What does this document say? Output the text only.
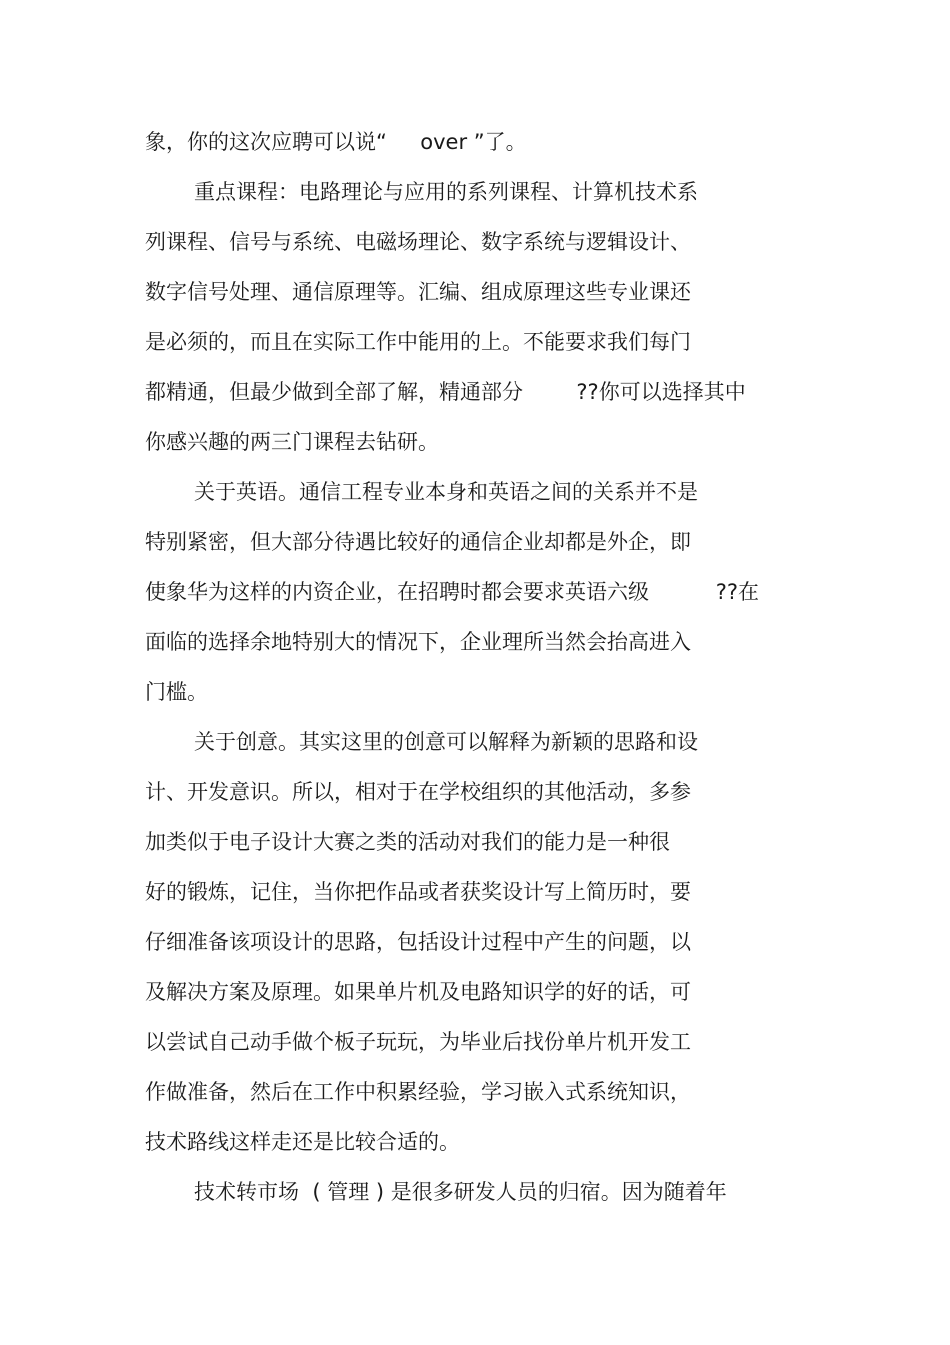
象，你的这次应聘可以说“     over ”了。

重点课程：电路理论与应用的系列课程、计算机技术系

列课程、信号与系统、电磁场理论、数字系统与逻辑设计、

数字信号处理、通信原理等。汇编、组成原理这些专业课还

是必须的，而且在实际工作中能用的上。不能要求我们每门

都精通，但最少做到全部了解，精通部分        ??你可以选择其中

你感兴趣的两三门课程去钻研。

关于英语。通信工程专业本身和英语之间的关系并不是

特别紧密，但大部分待遇比较好的通信企业却都是外企，即

使象华为这样的内资企业，在招聘时都会要求英语六级          ??在

面临的选择余地特别大的情况下，企业理所当然会抬高进入

门槛。

关于创意。其实这里的创意可以解释为新颖的思路和设

计、开发意识。所以，相对于在学校组织的其他活动，多参

加类似于电子设计大赛之类的活动对我们的能力是一种很

好的锻炼，记住，当你把作品或者获奖设计写上简历时，要

仔细准备该项设计的思路，包括设计过程中产生的问题，以

及解决方案及原理。如果单片机及电路知识学的好的话，可

以尝试自己动手做个板子玩玩，为毕业后找份单片机开发工

作做准备，然后在工作中积累经验，学习嵌入式系统知识，

技术路线这样走还是比较合适的。

技术转市场  ( 管理 ) 是很多研发人员的归宿。因为随着年
